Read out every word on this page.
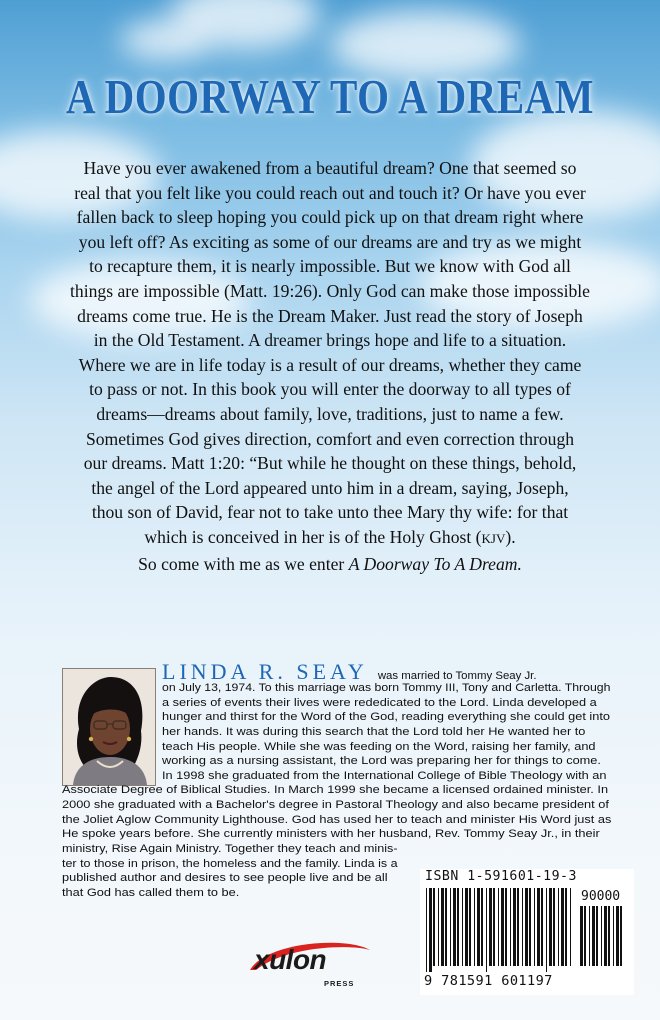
A DOORWAY TO A DREAM

Have you ever awakened from a beautiful dream? One that seemed so

real that you felt like you could reach out and touch it? Or have you ever

fallen back to sleep hoping you could pick up on that dream right where

you left off? As exciting as some of our dreams are and try as we might

to recapture them, it is nearly impossible. But we know with God all

things are impossible (Matt. 19:26). Only God can make those impossible

dreams come true. He is the Dream Maker. Just read the story of Joseph

in the Old Testament. A dreamer brings hope and life to a situation.

Where we are in life today is a result of our dreams, whether they came

to pass or not. In this book you will enter the doorway to all types of

dreams—dreams about family, love, traditions, just to name a few.

Sometimes God gives direction, comfort and even correction through

our dreams. Matt 1:20: “But while he thought on these things, behold,

the angel of the Lord appeared unto him in a dream, saying, Joseph,

thou son of David, fear not to take unto thee Mary thy wife: for that

which is conceived in her is of the Holy Ghost (KJV).

So come with me as we enter A Doorway To A Dream.

LINDA R. SEAY was married to Tommy Seay Jr.
on July 13, 1974. To this marriage was born Tommy III, Tony and Carletta. Through
a series of events their lives were rededicated to the Lord. Linda developed a
hunger and thirst for the Word of the God, reading everything she could get into
her hands. It was during this search that the Lord told her He wanted her to
teach His people. While she was feeding on the Word, raising her family, and
working as a nursing assistant, the Lord was preparing her for things to come.
In 1998 she graduated from the International College of Bible Theology with an
Associate Degree of Biblical Studies. In March 1999 she became a licensed ordained minister. In
2000 she graduated with a Bachelor's degree in Pastoral Theology and also became president of
the Joliet Aglow Community Lighthouse. God has used her to teach and minister His Word just as
He spoke years before. She currently ministers with her husband, Rev. Tommy Seay Jr., in their
ministry, Rise Again Ministry. Together they teach and minis-
ter to those in prison, the homeless and the family. Linda is a
published author and desires to see people live and be all
that God has called them to be.
ISBN 1-591601-19-3
90000
9 781591 601197
xulon
PRESS
